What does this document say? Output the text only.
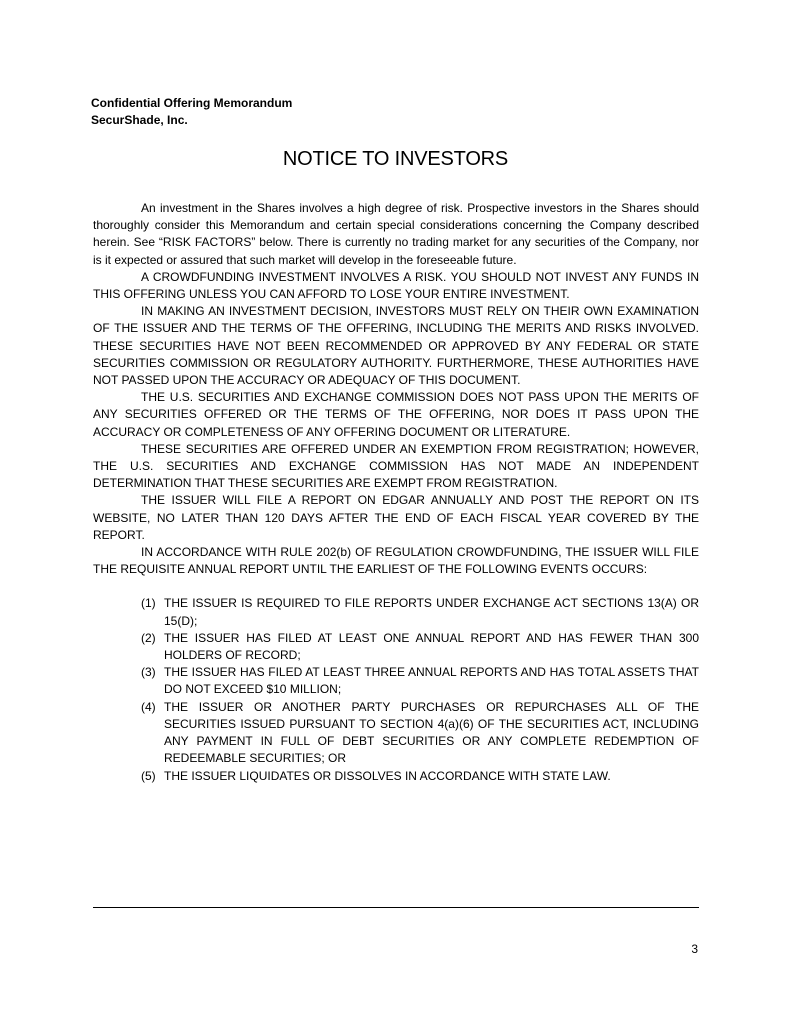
Confidential Offering Memorandum
SecurShade, Inc.
NOTICE TO INVESTORS

An investment in the Shares involves a high degree of risk. Prospective investors in the Shares should thoroughly consider this Memorandum and certain special considerations concerning the Company described herein. See “RISK FACTORS” below. There is currently no trading market for any securities of the Company, nor is it expected or assured that such market will develop in the foreseeable future.

A CROWDFUNDING INVESTMENT INVOLVES A RISK. YOU SHOULD NOT INVEST ANY FUNDS IN THIS OFFERING UNLESS YOU CAN AFFORD TO LOSE YOUR ENTIRE INVESTMENT.

IN MAKING AN INVESTMENT DECISION, INVESTORS MUST RELY ON THEIR OWN EXAMINATION OF THE ISSUER AND THE TERMS OF THE OFFERING, INCLUDING THE MERITS AND RISKS INVOLVED. THESE SECURITIES HAVE NOT BEEN RECOMMENDED OR APPROVED BY ANY FEDERAL OR STATE SECURITIES COMMISSION OR REGULATORY AUTHORITY. FURTHERMORE, THESE AUTHORITIES HAVE NOT PASSED UPON THE ACCURACY OR ADEQUACY OF THIS DOCUMENT.

THE U.S. SECURITIES AND EXCHANGE COMMISSION DOES NOT PASS UPON THE MERITS OF ANY SECURITIES OFFERED OR THE TERMS OF THE OFFERING, NOR DOES IT PASS UPON THE ACCURACY OR COMPLETENESS OF ANY OFFERING DOCUMENT OR LITERATURE.

THESE SECURITIES ARE OFFERED UNDER AN EXEMPTION FROM REGISTRATION; HOWEVER, THE U.S. SECURITIES AND EXCHANGE COMMISSION HAS NOT MADE AN INDEPENDENT DETERMINATION THAT THESE SECURITIES ARE EXEMPT FROM REGISTRATION.

THE ISSUER WILL FILE A REPORT ON EDGAR ANNUALLY AND POST THE REPORT ON ITS WEBSITE, NO LATER THAN 120 DAYS AFTER THE END OF EACH FISCAL YEAR COVERED BY THE REPORT.

IN ACCORDANCE WITH RULE 202(b) OF REGULATION CROWDFUNDING, THE ISSUER WILL FILE THE REQUISITE ANNUAL REPORT UNTIL THE EARLIEST OF THE FOLLOWING EVENTS OCCURS:

(1) THE ISSUER IS REQUIRED TO FILE REPORTS UNDER EXCHANGE ACT SECTIONS 13(A) OR 15(D);
(2) THE ISSUER HAS FILED AT LEAST ONE ANNUAL REPORT AND HAS FEWER THAN 300 HOLDERS OF RECORD;
(3) THE ISSUER HAS FILED AT LEAST THREE ANNUAL REPORTS AND HAS TOTAL ASSETS THAT DO NOT EXCEED $10 MILLION;
(4) THE ISSUER OR ANOTHER PARTY PURCHASES OR REPURCHASES ALL OF THE SECURITIES ISSUED PURSUANT TO SECTION 4(a)(6) OF THE SECURITIES ACT, INCLUDING ANY PAYMENT IN FULL OF DEBT SECURITIES OR ANY COMPLETE REDEMPTION OF REDEEMABLE SECURITIES; OR
(5) THE ISSUER LIQUIDATES OR DISSOLVES IN ACCORDANCE WITH STATE LAW.
3
